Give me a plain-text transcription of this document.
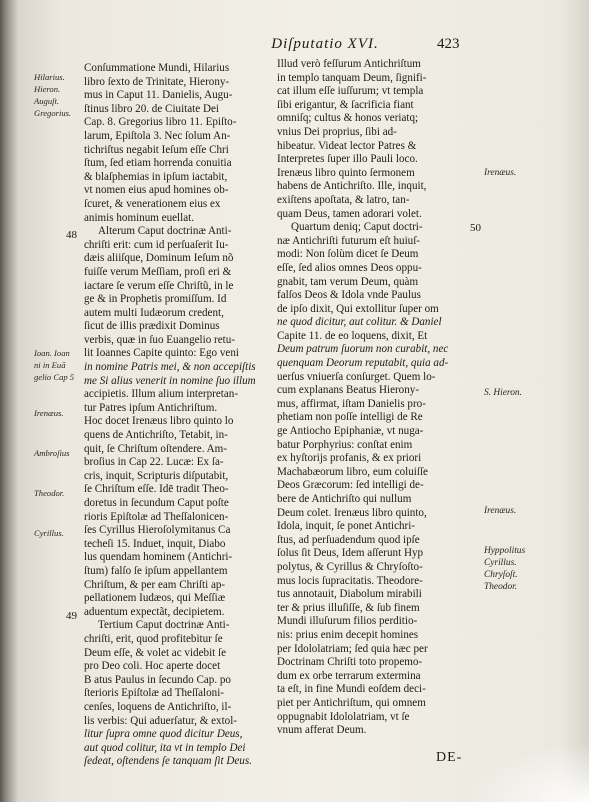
Diſputatio XVI.	423
Hilarius.
Hieron.
Auguſt.
Gregorius.
Ioan. Ioan
ni in Euã
gelio Cap 5
Irenæus.
Ambroſius
Theodor.
Cyrillus.
48
49
50
Conſummatione Mundi, Hilarius
libro ſexto de Trinitate, Hierony-
mus in Caput 11. Danielis, Augu-
ſtinus libro 20. de Ciuitate Dei
Cap. 8. Gregorius libro 11. Epiſto-
larum, Epiſtola 3. Nec ſolum An-
tichriſtus negabit Ieſum eſſe Chri
ſtum, ſed etiam horrenda conuitia
& blaſphemias in ipſum iactabit,
vt nomen eius apud homines ob-
ſcuret, & venerationem eius ex
animis hominum euellat.
Alterum Caput doctrinæ Anti-
chriſti erit: cum id perſuaſerit Iu-
dæis aliiſque, Dominum Ieſum nõ
fuiſſe verum Meſſiam, proſi eri &
iactare ſe verum eſſe Chriſtũ, in le
ge & in Prophetis promiſſum. Id
autem multi Iudæorum credent,
ſicut de illis prædixit Dominus
verbis, quæ in ſuo Euangelio retu-
lit Ioannes Capite quinto: Ego veni
in nomine Patris mei, & non accepiſtis
me Si alius venerit in nomine ſuo illum
accipietis. Illum alium interpretan-
tur Patres ipſum Antichriſtum.
Hoc docet Irenæus libro quinto lo
quens de Antichriſto, Tetabit, in-
quit, ſe Chriſtum oſtendere. Am-
broſius in Cap 22. Lucæ: Ex ſa-
cris, inquit, Scripturis diſputabit,
ſe Chriſtum eſſe. Idē tradit Theo-
doretus in ſecundum Caput poſte
rioris Epiſtolæ ad Theſſalonicen-
ſes Cyrillus Hieroſolymitanus Ca
techeſi 15. Induet, inquit, Diabo
lus quendam hominem (Antichri-
ſtum) falſo ſe ipſum appellantem
Chriſtum, & per eam Chriſti ap-
pellationem Iudæos, qui Meſſiæ
aduentum expectãt, decipietem.
Tertium Caput doctrinæ Anti-
chriſti, erit, quod profitebitur ſe
Deum eſſe, & volet ac videbit ſe
pro Deo coli. Hoc aperte docet
B atus Paulus in ſecundo Cap. po
ſterioris Epiſtolæ ad Theſſaloni-
cenſes, loquens de Antichriſto, il-
lis verbis: Qui aduerſatur, & extol-
litur ſupra omne quod dicitur Deus,
aut quod colitur, ita vt in templo Dei
ſedeat, oſtendens ſe tanquam ſit Deus.
Illud verò feſſurum Antichriſtum
in templo tanquam Deum, ſignifi-
cat illum eſſe iuſſurum; vt templa
ſibi erigantur, & ſacrificia fiant
omniſq; cultus & honos veriatq;
vnius Dei proprius, ſibi ad-
hibeatur. Videat lector Patres &
Interpretes ſuper illo Pauli loco.
Irenæus libro quinto ſermonem
habens de Antichriſto. Ille, inquit,
exiſtens apoſtata, & latro, tan-
quam Deus, tamen adorari volet.
Quartum deniq; Caput doctri-
næ Antichriſti futurum eſt huiuſ-
modi: Non ſolùm dicet ſe Deum
eſſe, ſed alios omnes Deos oppu-
gnabit, tam verum Deum, quàm
falſos Deos & Idola vnde Paulus
de ipſo dixit, Qui extollitur ſuper om
ne quod dicitur, aut colitur. & Daniel
Capite 11. de eo loquens, dixit, Et
Deum patrum ſuorum non curabit, nec
quenquam Deorum reputabit, quia ad-
uerſus vniuerſa conſurget. Quem lo-
cum explanans Beatus Hierony-
mus, affirmat, iſtam Danielis pro-
phetiam non poſſe intelligi de Re
ge Antiocho Epiphaniæ, vt nuga-
batur Porphyrius: conſtat enim
ex hyſtorijs profanis, & ex priori
Machabæorum libro, eum coluiſſe
Deos Græcorum: ſed intelligi de-
bere de Antichriſto qui nullum
Deum colet. Irenæus libro quinto,
Idola, inquit, ſe ponet Antichri-
ſtus, ad perſuadendum quod ipſe
ſolus ſit Deus, Idem aſſerunt Hyp
polytus, & Cyrillus & Chryſoſto-
mus locis ſupracitatis. Theodore-
tus annotauit, Diabolum mirabili
ter & prius illuſiſſe, & ſub finem
Mundi illuſurum filios perditio-
nis: prius enim decepit homines
per Idololatriam; ſed quia hæc per
Doctrinam Chriſti toto propemo-
dum ex orbe terrarum extermina
ta eſt, in fine Mundi eoſdem deci-
piet per Antichriſtum, qui omnem
oppugnabit Idololatriam, vt ſe
vnum afferat Deum.
Irenæus.
S. Hieron.
Irenæus.
Hyppolitus
Cyrillus.
Chryſoſt.
Theodor.
DE-
